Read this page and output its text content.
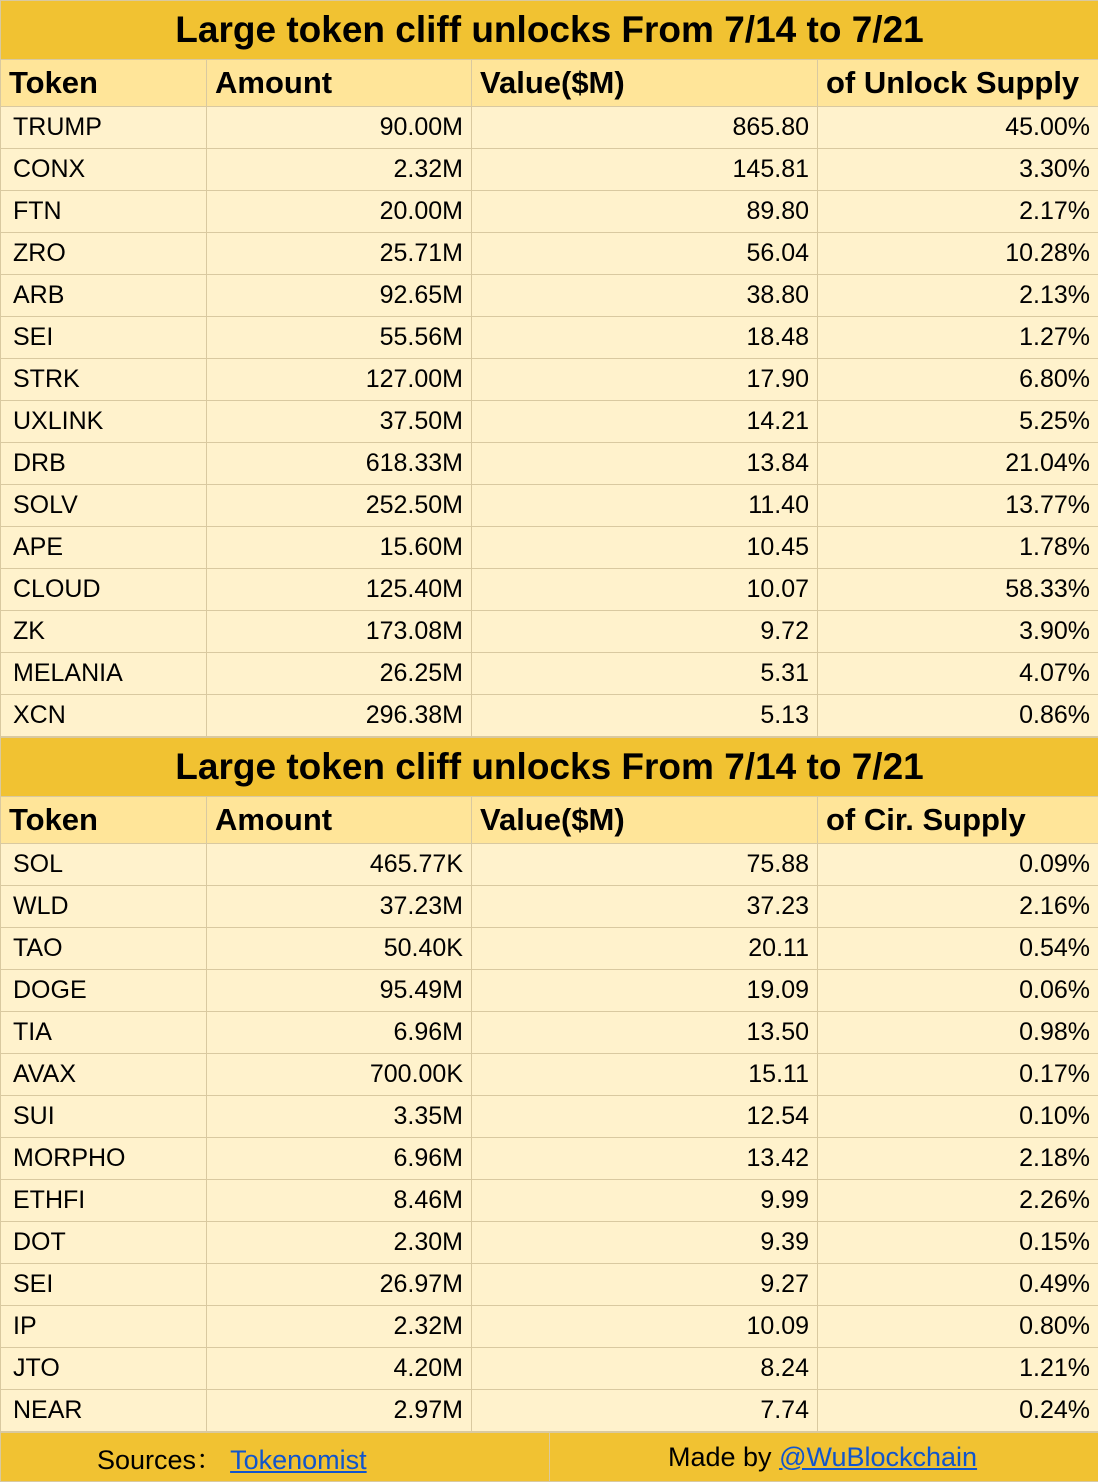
Large token cliff unlocks From 7/14 to 7/21			
Token	Amount	Value($M)	of Unlock Supply
TRUMP	90.00M	865.80	45.00%
CONX	2.32M	145.81	3.30%
FTN	20.00M	89.80	2.17%
ZRO	25.71M	56.04	10.28%
ARB	92.65M	38.80	2.13%
SEI	55.56M	18.48	1.27%
STRK	127.00M	17.90	6.80%
UXLINK	37.50M	14.21	5.25%
DRB	618.33M	13.84	21.04%
SOLV	252.50M	11.40	13.77%
APE	15.60M	10.45	1.78%
CLOUD	125.40M	10.07	58.33%
ZK	173.08M	9.72	3.90%
MELANIA	26.25M	5.31	4.07%
XCN	296.38M	5.13	0.86%
Large token cliff unlocks From 7/14 to 7/21			
Token	Amount	Value($M)	of Cir. Supply
SOL	465.77K	75.88	0.09%
WLD	37.23M	37.23	2.16%
TAO	50.40K	20.11	0.54%
DOGE	95.49M	19.09	0.06%
TIA	6.96M	13.50	0.98%
AVAX	700.00K	15.11	0.17%
SUI	3.35M	12.54	0.10%
MORPHO	6.96M	13.42	2.18%
ETHFI	8.46M	9.99	2.26%
DOT	2.30M	9.39	0.15%
SEI	26.97M	9.27	0.49%
IP	2.32M	10.09	0.80%
JTO	4.20M	8.24	1.21%
NEAR	2.97M	7.74	0.24%
Sources： Tokenomist	Made by @WuBlockchain
